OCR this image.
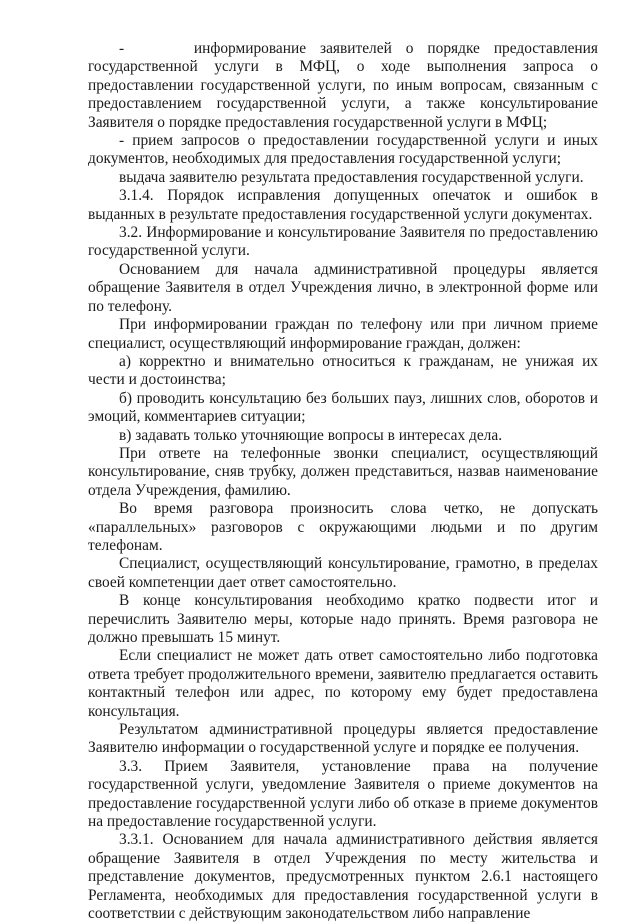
-     информирование заявителей о порядке предоставления государственной услуги в МФЦ, о ходе выполнения запроса о предоставлении государственной услуги, по иным вопросам, связанным с предоставлением государственной услуги, а также консультирование Заявителя о порядке предоставления государственной услуги в МФЦ;

- прием запросов о предоставлении государственной услуги и иных документов, необходимых для предоставления государственной услуги;

выдача заявителю результата предоставления государственной услуги.

3.1.4. Порядок исправления допущенных опечаток и ошибок в выданных в результате предоставления государственной услуги документах.

3.2. Информирование и консультирование Заявителя по предоставлению государственной услуги.

Основанием для начала административной процедуры является обращение Заявителя в отдел Учреждения лично, в электронной форме или по телефону.

При информировании граждан по телефону или при личном приеме специалист, осуществляющий информирование граждан, должен:

а) корректно и внимательно относиться к гражданам, не унижая их чести и достоинства;

б) проводить консультацию без больших пауз, лишних слов, оборотов и эмоций, комментариев ситуации;

в) задавать только уточняющие вопросы в интересах дела.

При ответе на телефонные звонки специалист, осуществляющий консультирование, сняв трубку, должен представиться, назвав наименование отдела Учреждения, фамилию.

Во время разговора произносить слова четко, не допускать «параллельных» разговоров с окружающими людьми и по другим телефонам.

Специалист, осуществляющий консультирование, грамотно, в пределах своей компетенции дает ответ самостоятельно.

В конце консультирования необходимо кратко подвести итог и перечислить Заявителю меры, которые надо принять. Время разговора не должно превышать 15 минут.

Если специалист не может дать ответ самостоятельно либо подготовка ответа требует продолжительного времени, заявителю предлагается оставить контактный телефон или адрес, по которому ему будет предоставлена консультация.

Результатом административной процедуры является предоставление Заявителю информации о государственной услуге и порядке ее получения.

3.3. Прием Заявителя, установление права на получение государственной услуги, уведомление Заявителя о приеме документов на предоставление государственной услуги либо об отказе в приеме документов на предоставление государственной услуги.

3.3.1. Основанием для начала административного действия является обращение Заявителя в отдел Учреждения по месту жительства и представление документов, предусмотренных пунктом 2.6.1 настоящего Регламента, необходимых для предоставления государственной услуги в соответствии с действующим законодательством либо направление
